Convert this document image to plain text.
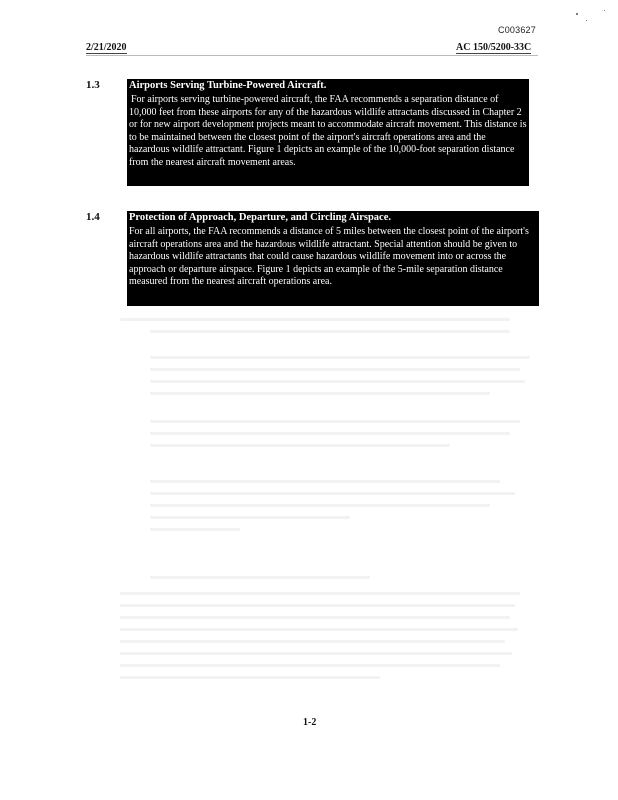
C003627
2/21/2020	AC 150/5200-33C
1.3	Airports Serving Turbine-Powered Aircraft.

For airports serving turbine-powered aircraft, the FAA recommends a separation distance of 10,000 feet from these airports for any of the hazardous wildlife attractants discussed in Chapter 2 or for new airport development projects meant to accommodate aircraft movement. This distance is to be maintained between the closest point of the airport's aircraft operations area and the hazardous wildlife attractant. Figure 1 depicts an example of the 10,000-foot separation distance from the nearest aircraft movement areas.

1.4	Protection of Approach, Departure, and Circling Airspace.

For all airports, the FAA recommends a distance of 5 miles between the closest point of the airport's aircraft operations area and the hazardous wildlife attractant. Special attention should be given to hazardous wildlife attractants that could cause hazardous wildlife movement into or across the approach or departure airspace. Figure 1 depicts an example of the 5-mile separation distance measured from the nearest aircraft operations area.

1-2
